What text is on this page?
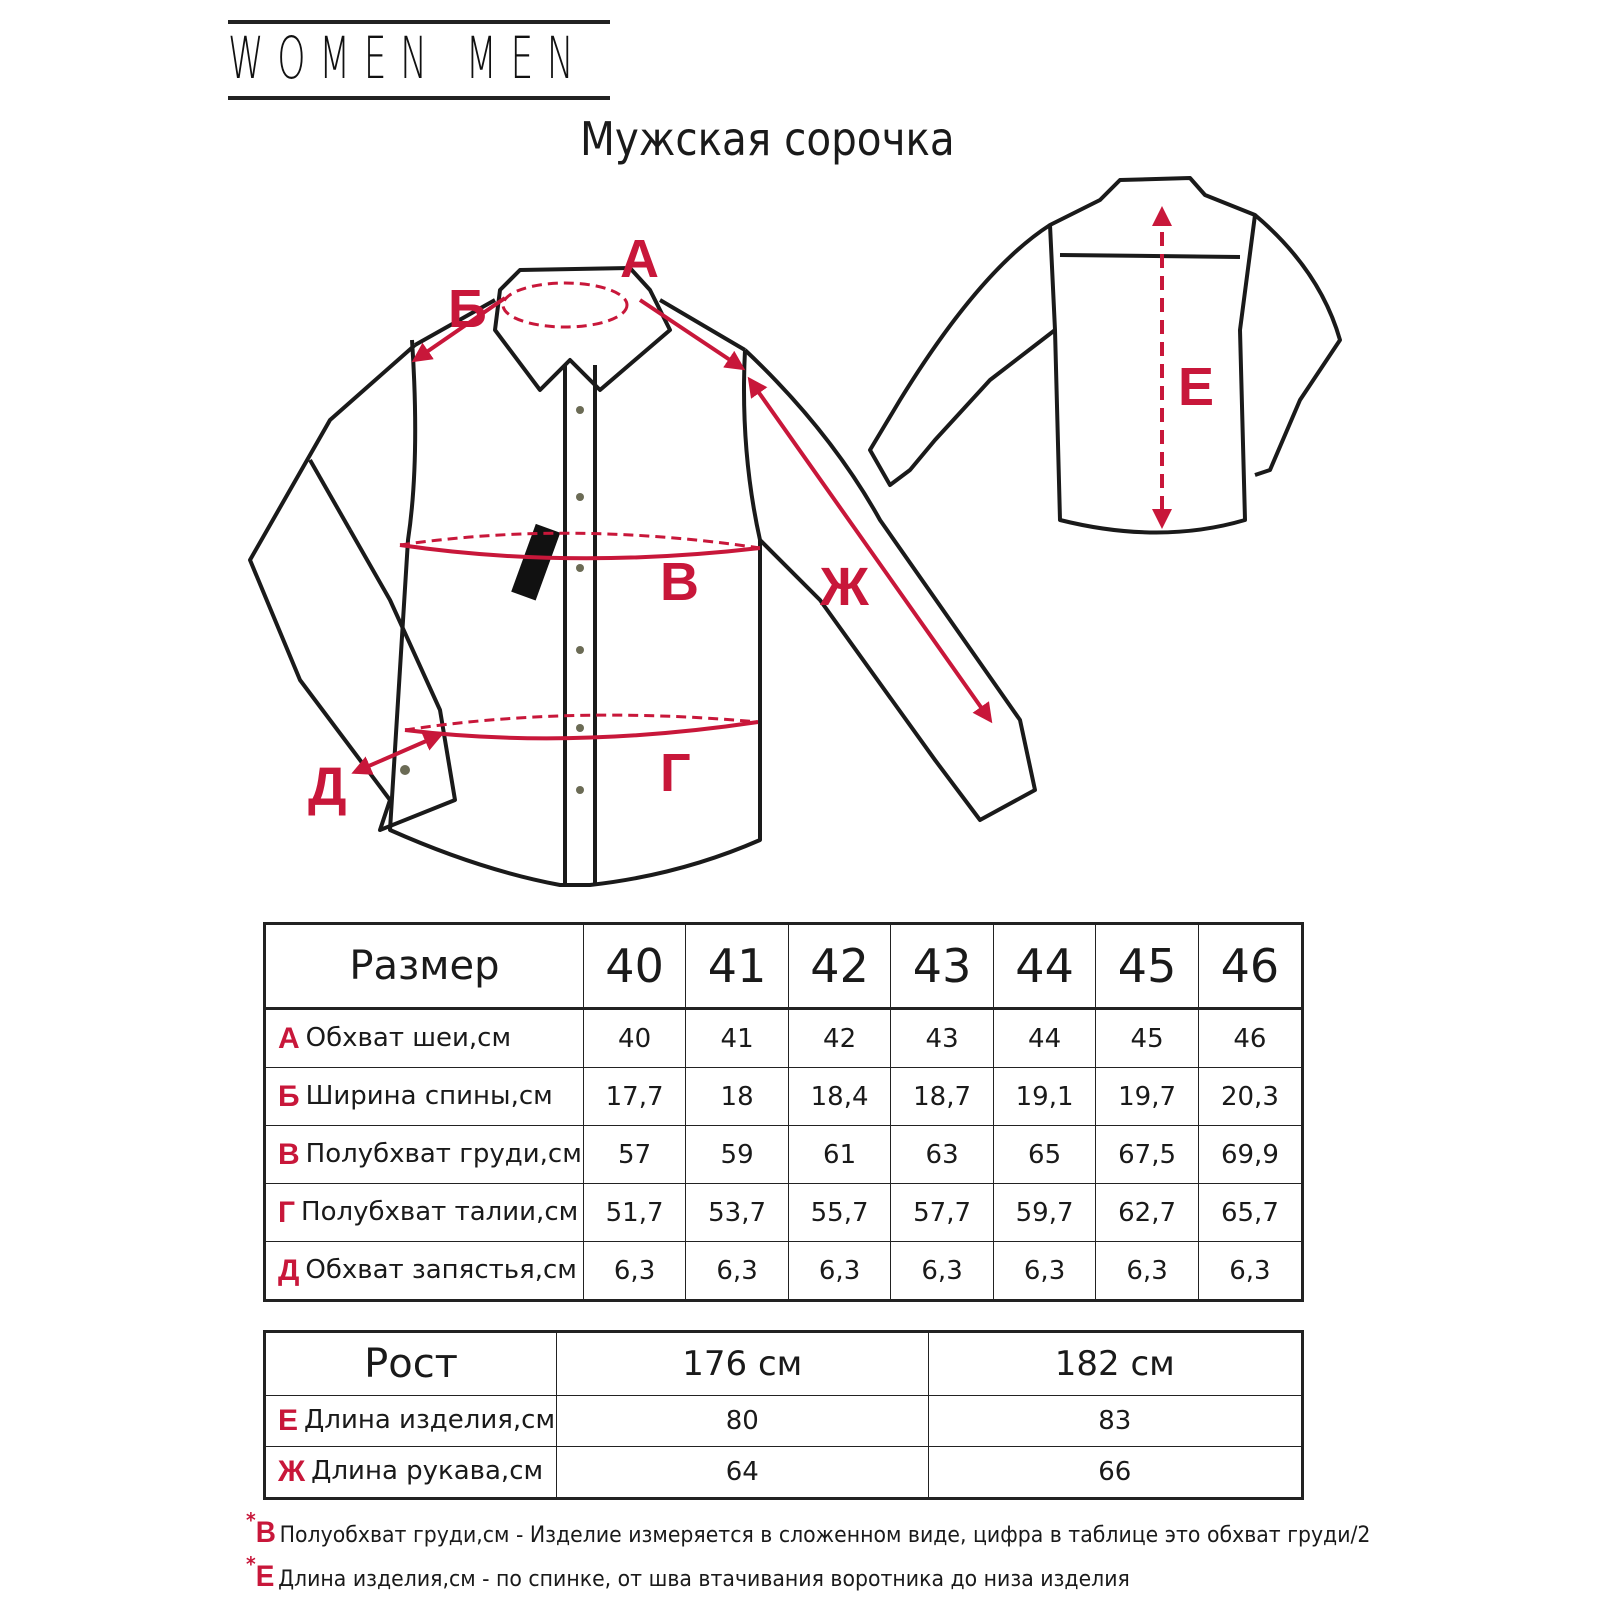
WOMEN MEN
Мужская сорочка
А
Б
В
Г
Д
Ж
Е
Размер	40	41	42	43	44	45	46
А Обхват шеи,см	40	41	42	43	44	45	46
Б Ширина спины,см	17,7	18	18,4	18,7	19,1	19,7	20,3
В Полубхват груди,см	57	59	61	63	65	67,5	69,9
Г Полубхват талии,см	51,7	53,7	55,7	57,7	59,7	62,7	65,7
Д Обхват запястья,см	6,3	6,3	6,3	6,3	6,3	6,3	6,3
Рост	176 см	182 см
Е Длина изделия,см	80	83
Ж Длина рукава,см	64	66
*В Полуобхват груди,см - Изделие измеряется в сложенном виде, цифра в таблице это обхват груди/2
*Е Длина изделия,см - по спинке, от шва втачивания воротника до низа изделия
